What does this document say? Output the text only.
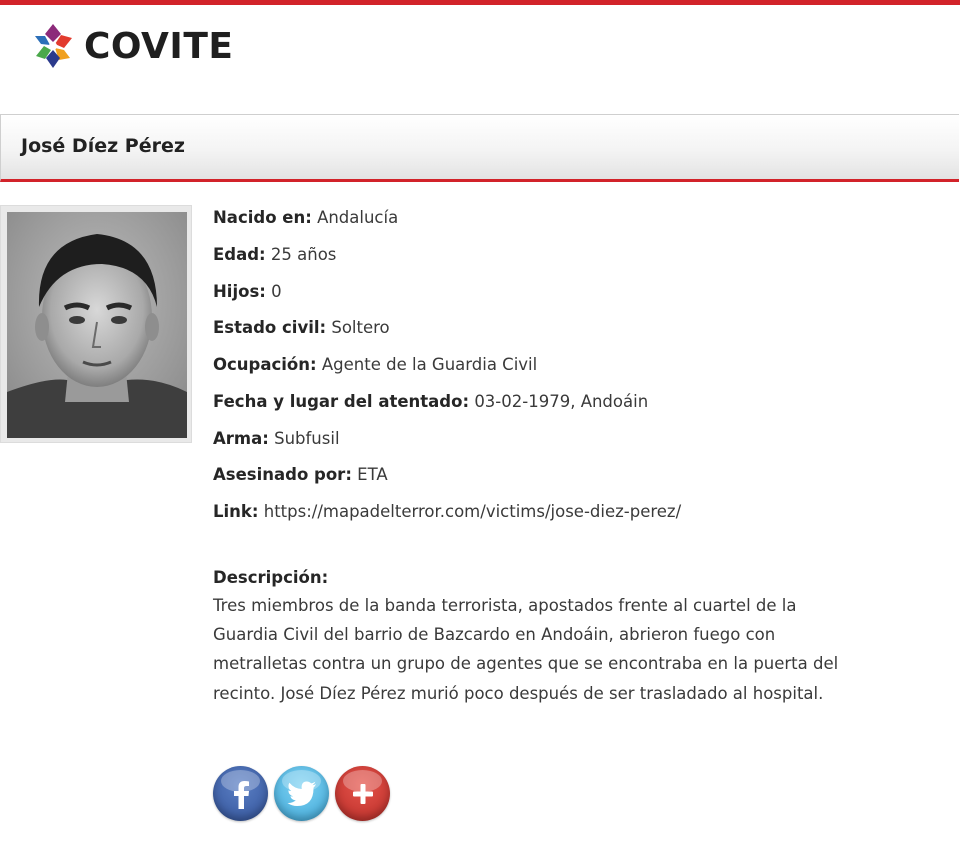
COVITE
José Díez Pérez
Nacido en: Andalucía
Edad: 25 años
Hijos: 0
Estado civil: Soltero
Ocupación: Agente de la Guardia Civil
Fecha y lugar del atentado: 03-02-1979, Andoáin
Arma: Subfusil
Asesinado por: ETA
Link: https://mapadelterror.com/victims/jose-diez-perez/
Descripción:

Tres miembros de la banda terrorista, apostados frente al cuartel de la Guardia Civil del barrio de Bazcardo en Andoáin, abrieron fuego con metralletas contra un grupo de agentes que se encontraba en la puerta del recinto. José Díez Pérez murió poco después de ser trasladado al hospital.
